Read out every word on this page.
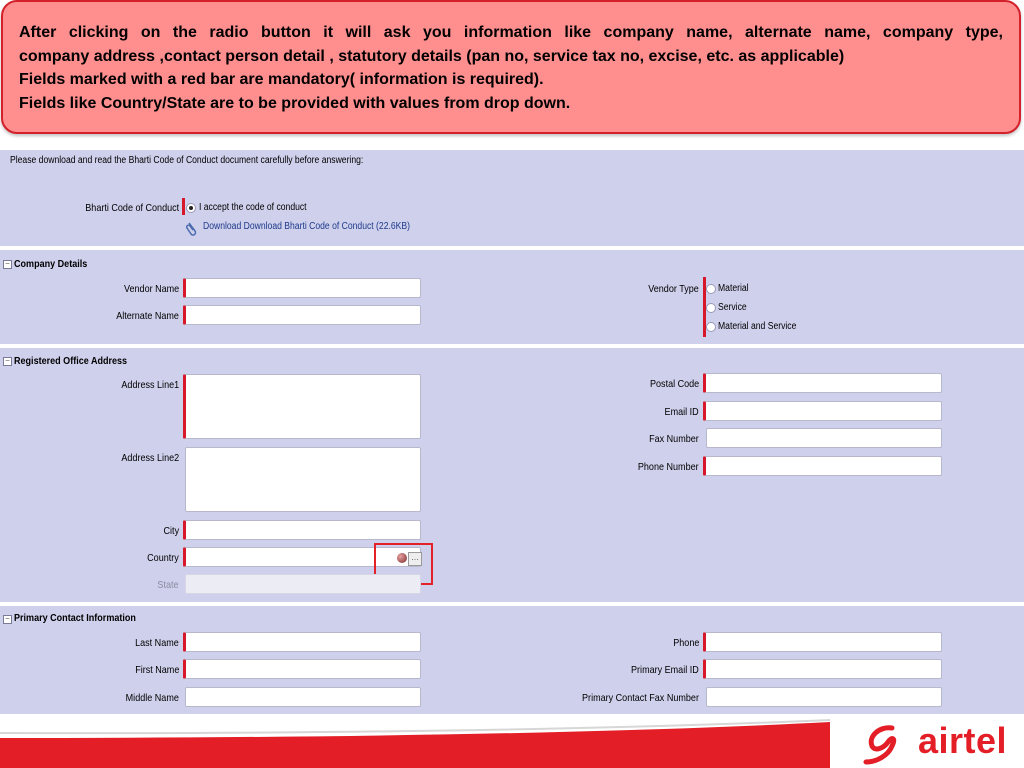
After clicking on the radio button it will ask you information like company name, alternate name, company type,
company address ,contact person detail , statutory details (pan no, service tax no, excise, etc. as applicable)
Fields marked with a red bar are mandatory( information is required).
Fields like Country/State are to be provided with values from drop down.
Please download and read the Bharti Code of Conduct document carefully before answering:
Bharti Code of Conduct I accept the code of conduct
Download Download Bharti Code of Conduct (22.6KB)
− Company Details
Vendor Name
Alternate Name
Vendor Type Material
Service
Material and Service
− Registered Office Address
Address Line1
Address Line2
City
Country	…
State
Postal Code
Email ID
Fax Number
Phone Number
− Primary Contact Information
Last Name
First Name
Middle Name
Phone
Primary Email ID
Primary Contact Fax Number
airtel
